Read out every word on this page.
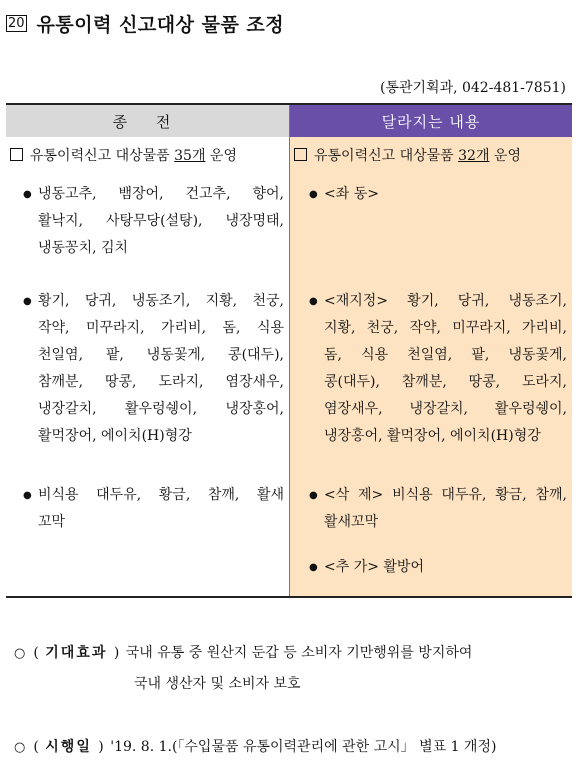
20 유통이력 신고대상 물품 조정
(통관기획과, 042-481-7851)
종 전	달라지는 내용
유통이력신고 대상물품 35개 운영
● 냉동고추, 뱀장어, 건고추, 향어,
활낙지, 사탕무당(설탕), 냉장명태,
냉동꽁치, 김치
● 황기, 당귀, 냉동조기, 지황, 천궁,
작약, 미꾸라지, 가리비, 돔, 식용
천일염, 팥, 냉동꽃게, 콩(대두),
참깨분, 땅콩, 도라지, 염장새우,
냉장갈치, 활우렁쉥이, 냉장홍어,
활먹장어, 에이치(H)형강
● 비식용 대두유, 황금, 참깨, 활새
꼬막
유통이력신고 대상물품 32개 운영
● <좌 동>
● <재지정> 황기, 당귀, 냉동조기,
지황, 천궁, 작약, 미꾸라지, 가리비,
돔, 식용 천일염, 팥, 냉동꽃게,
콩(대두), 참깨분, 땅콩, 도라지,
염장새우, 냉장갈치, 활우렁쉥이,
냉장홍어, 활먹장어, 에이치(H)형강
● <삭 제> 비식용 대두유, 황금, 참깨,
활새꼬막
● <추 가> 활방어
○ ( 기대효과 ) 국내 유통 중 원산지 둔갑 등 소비자 기만행위를 방지하여
국내 생산자 및 소비자 보호
○ ( 시행일 ) '19. 8. 1.(「수입물품 유통이력관리에 관한 고시」 별표 1 개정)
